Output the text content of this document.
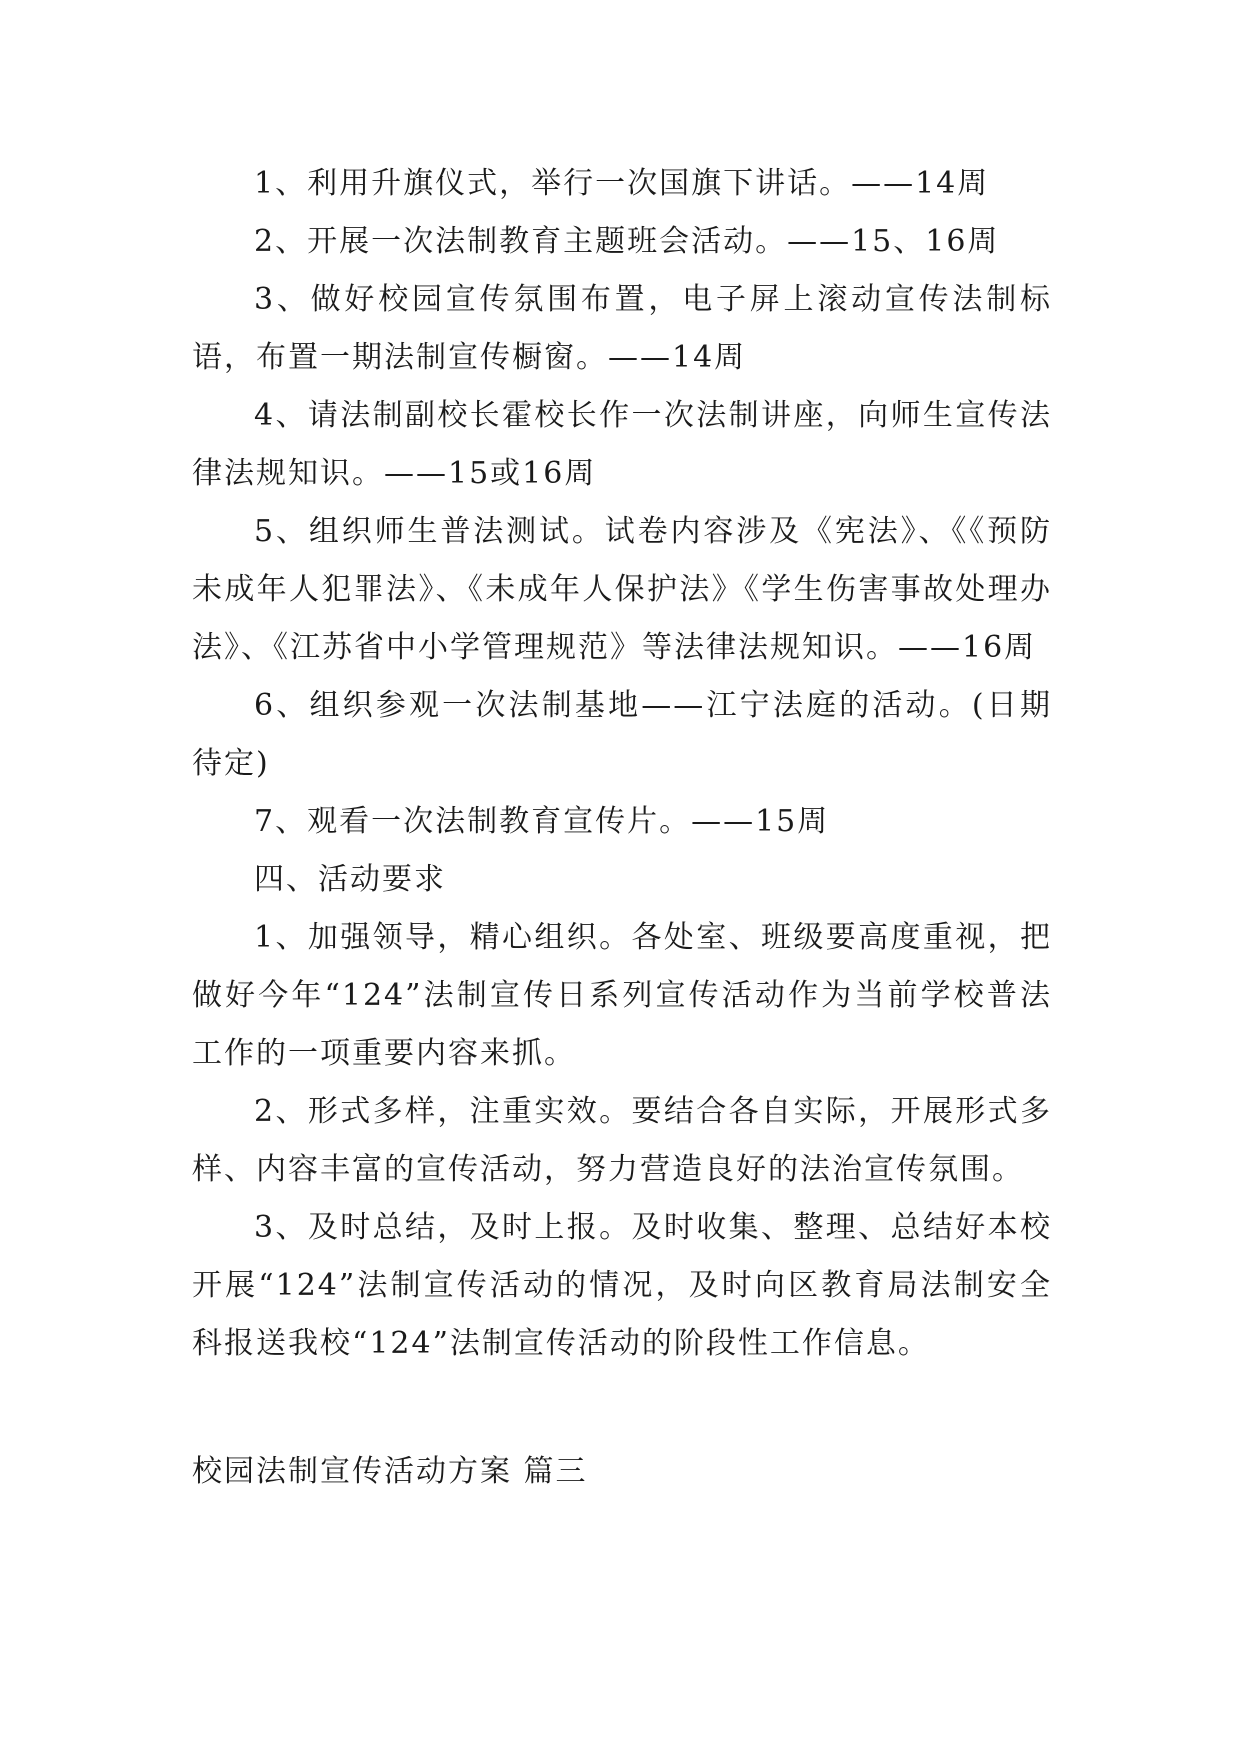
1、利用升旗仪式，举行一次国旗下讲话。——14周

2、开展一次法制教育主题班会活动。——15、16周

3、做好校园宣传氛围布置，电子屏上滚动宣传法制标语，布置一期法制宣传橱窗。——14周

4、请法制副校长霍校长作一次法制讲座，向师生宣传法律法规知识。——15或16周

5、组织师生普法测试。试卷内容涉及《宪法》、《《预防未成年人犯罪法》、《未成年人保护法》《学生伤害事故处理办法》、《江苏省中小学管理规范》等法律法规知识。——16周

6、组织参观一次法制基地——江宁法庭的活动。(日期待定)

7、观看一次法制教育宣传片。——15周

四、活动要求

1、加强领导，精心组织。各处室、班级要高度重视，把做好今年“124”法制宣传日系列宣传活动作为当前学校普法工作的一项重要内容来抓。

2、形式多样，注重实效。要结合各自实际，开展形式多样、内容丰富的宣传活动，努力营造良好的法治宣传氛围。

3、及时总结，及时上报。及时收集、整理、总结好本校开展“124”法制宣传活动的情况，及时向区教育局法制安全科报送我校“124”法制宣传活动的阶段性工作信息。

校园法制宣传活动方案 篇三
